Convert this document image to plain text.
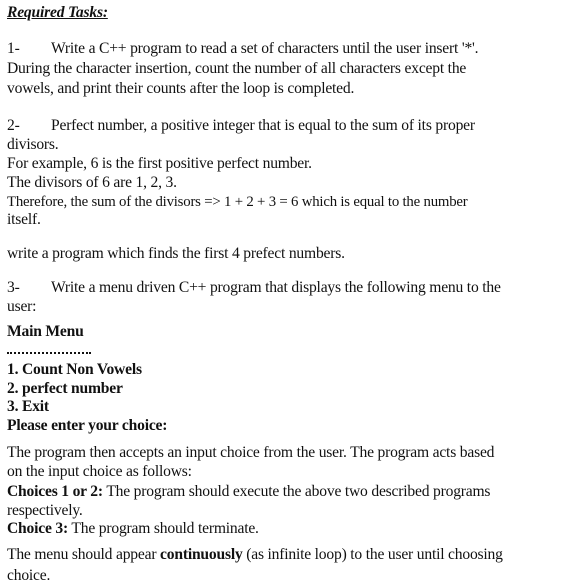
Required Tasks:
1- Write a C++ program to read a set of characters until the user insert '*'.
During the character insertion, count the number of all characters except the
vowels, and print their counts after the loop is completed.
2- Perfect number, a positive integer that is equal to the sum of its proper
divisors.
For example, 6 is the first positive perfect number.
The divisors of 6 are 1, 2, 3.
Therefore, the sum of the divisors => 1 + 2 + 3 = 6 which is equal to the number
itself.
write a program which finds the first 4 prefect numbers.
3- Write a menu driven C++ program that displays the following menu to the
user:
Main Menu
1. Count Non Vowels
2. perfect number
3. Exit
Please enter your choice:
The program then accepts an input choice from the user. The program acts based
on the input choice as follows:
Choices 1 or 2: The program should execute the above two described programs
respectively.
Choice 3: The program should terminate.
The menu should appear continuously (as infinite loop) to the user until choosing
choice.
